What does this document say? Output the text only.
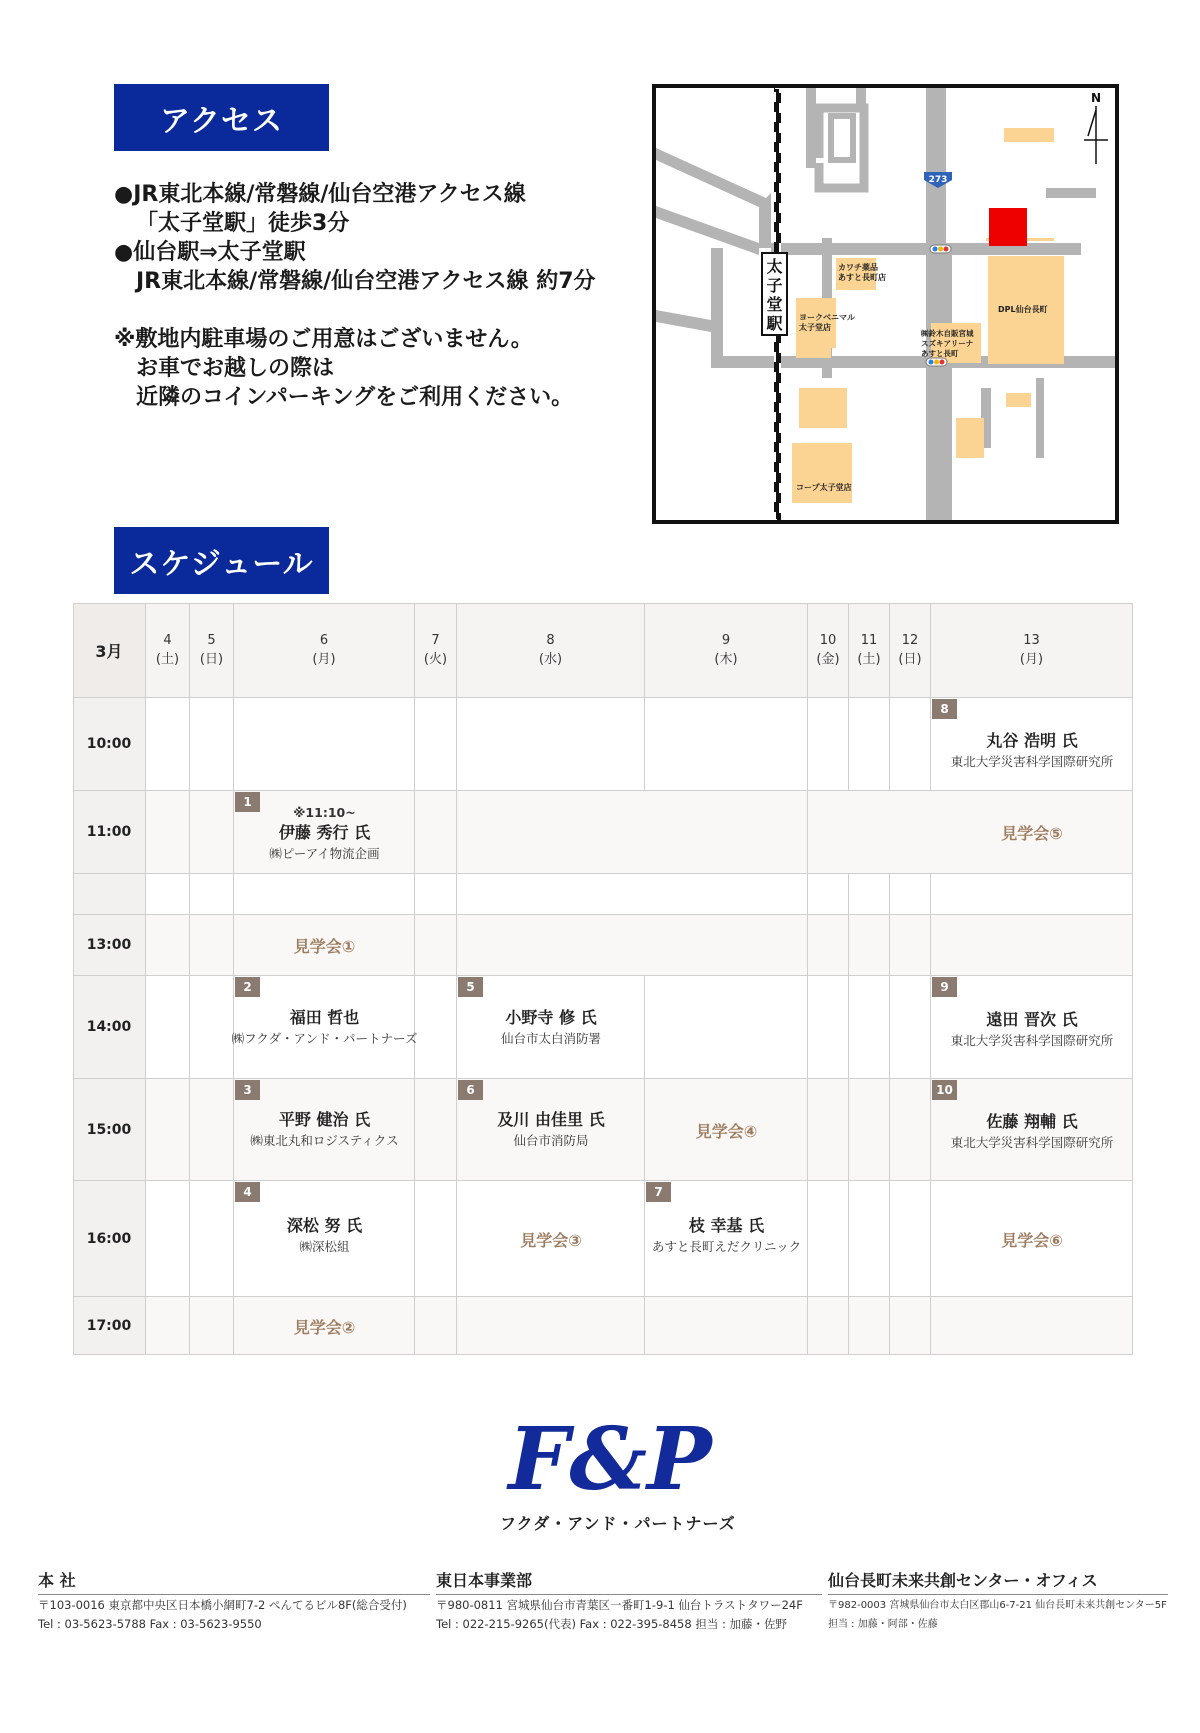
アクセス
●JR東北本線/常磐線/仙台空港アクセス線
「太子堂駅」徒歩3分
●仙台駅⇒太子堂駅
JR東北本線/常磐線/仙台空港アクセス線 約7分
※敷地内駐車場のご用意はございません。
お車でお越しの際は
近隣のコインパーキングをご利用ください。
太
子
堂
駅
273
N
カワチ薬品
あすと長町店
ヨークベニマル
太子堂店
㈱鈴木自販宮城
スズキアリーナ
あすと長町
DPL仙台長町
コープ太子堂店
スケジュール
3月
4
(土)
5
(日)
6
(月)
7
(火)
8
(水)
9
(木)
10
(金)
11
(土)
12
(日)
13
(月)
10:00
11:00
13:00
14:00
15:00
16:00
17:00
8
丸谷 浩明 氏
東北大学災害科学国際研究所
1
※11:10~
伊藤 秀行 氏
㈱ピーアイ物流企画
2
福田 哲也
㈱フクダ・アンド・パートナーズ
5
小野寺 修 氏
仙台市太白消防署
9
遠田 晋次 氏
東北大学災害科学国際研究所
3
平野 健治 氏
㈱東北丸和ロジスティクス
6
及川 由佳里 氏
仙台市消防局
10
佐藤 翔輔 氏
東北大学災害科学国際研究所
4
深松 努 氏
㈱深松組
7
枝 幸基 氏
あすと長町えだクリニック
見学会①
見学会②
見学会③
見学会④
見学会⑤
見学会⑥
F&P
フクダ・アンド・パートナーズ
本 社
〒103-0016 東京都中央区日本橋小網町7-2 ぺんてるビル8F(総合受付)
Tel : 03-5623-5788 Fax : 03-5623-9550
東日本事業部
〒980-0811 宮城県仙台市青葉区一番町1-9-1 仙台トラストタワー24F
Tel : 022-215-9265(代表) Fax : 022-395-8458 担当 : 加藤・佐野
仙台長町未来共創センター・オフィス
〒982-0003 宮城県仙台市太白区郡山6-7-21 仙台長町未来共創センター5F
担当 : 加藤・阿部・佐藤
